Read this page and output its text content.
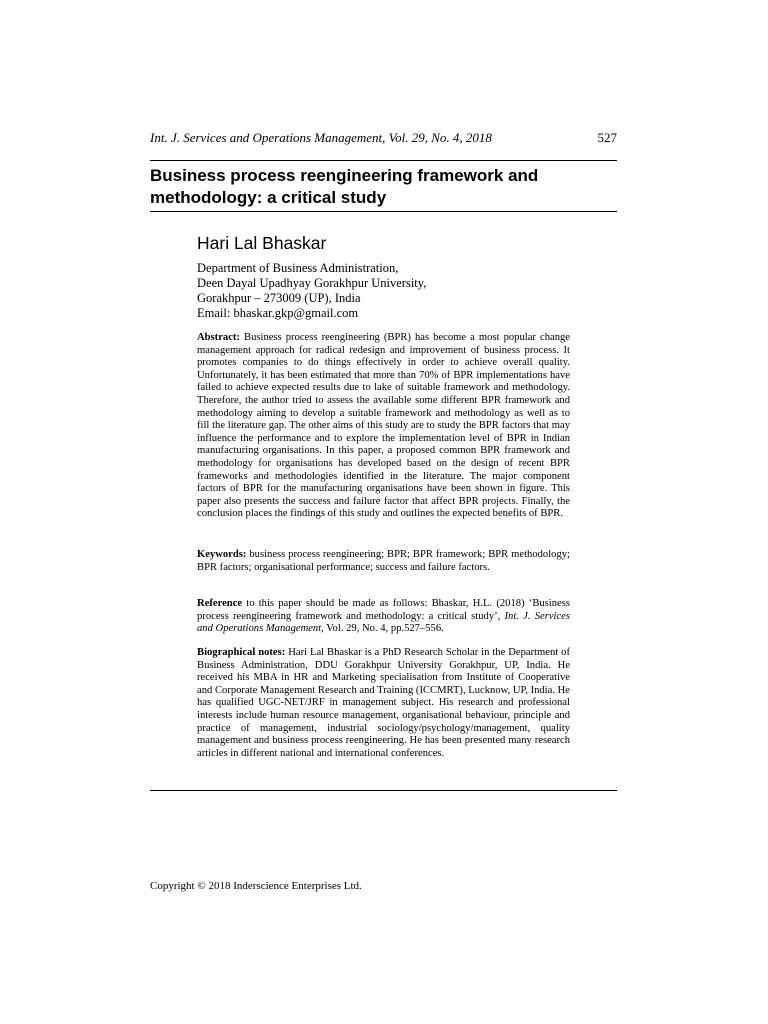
Int. J. Services and Operations Management, Vol. 29, No. 4, 2018	527
Business process reengineering framework and methodology: a critical study
Hari Lal Bhaskar
Department of Business Administration,
Deen Dayal Upadhyay Gorakhpur University,
Gorakhpur – 273009 (UP), India
Email: bhaskar.gkp@gmail.com

Abstract: Business process reengineering (BPR) has become a most popular change management approach for radical redesign and improvement of business process. It promotes companies to do things effectively in order to achieve overall quality. Unfortunately, it has been estimated that more than 70% of BPR implementations have failed to achieve expected results due to lake of suitable framework and methodology. Therefore, the author tried to assess the available some different BPR framework and methodology aiming to develop a suitable framework and methodology as well as to fill the literature gap. The other aims of this study are to study the BPR factors that may influence the performance and to explore the implementation level of BPR in Indian manufacturing organisations. In this paper, a proposed common BPR framework and methodology for organisations has developed based on the design of recent BPR frameworks and methodologies identified in the literature. The major component factors of BPR for the manufacturing organisations have been shown in figure. This paper also presents the success and failure factor that affect BPR projects. Finally, the conclusion places the findings of this study and outlines the expected benefits of BPR.

Keywords: business process reengineering; BPR; BPR framework; BPR methodology; BPR factors; organisational performance; success and failure factors.

Reference to this paper should be made as follows: Bhaskar, H.L. (2018) ‘Business process reengineering framework and methodology: a critical study’, Int. J. Services and Operations Management, Vol. 29, No. 4, pp.527–556.

Biographical notes: Hari Lal Bhaskar is a PhD Research Scholar in the Department of Business Administration, DDU Gorakhpur University Gorakhpur, UP, India. He received his MBA in HR and Marketing specialisation from Institute of Cooperative and Corporate Management Research and Training (ICCMRT), Lucknow, UP, India. He has qualified UGC-NET/JRF in management subject. His research and professional interests include human resource management, organisational behaviour, principle and practice of management, industrial sociology/psychology/management, quality management and business process reengineering. He has been presented many research articles in different national and international conferences.

Copyright © 2018 Inderscience Enterprises Ltd.
